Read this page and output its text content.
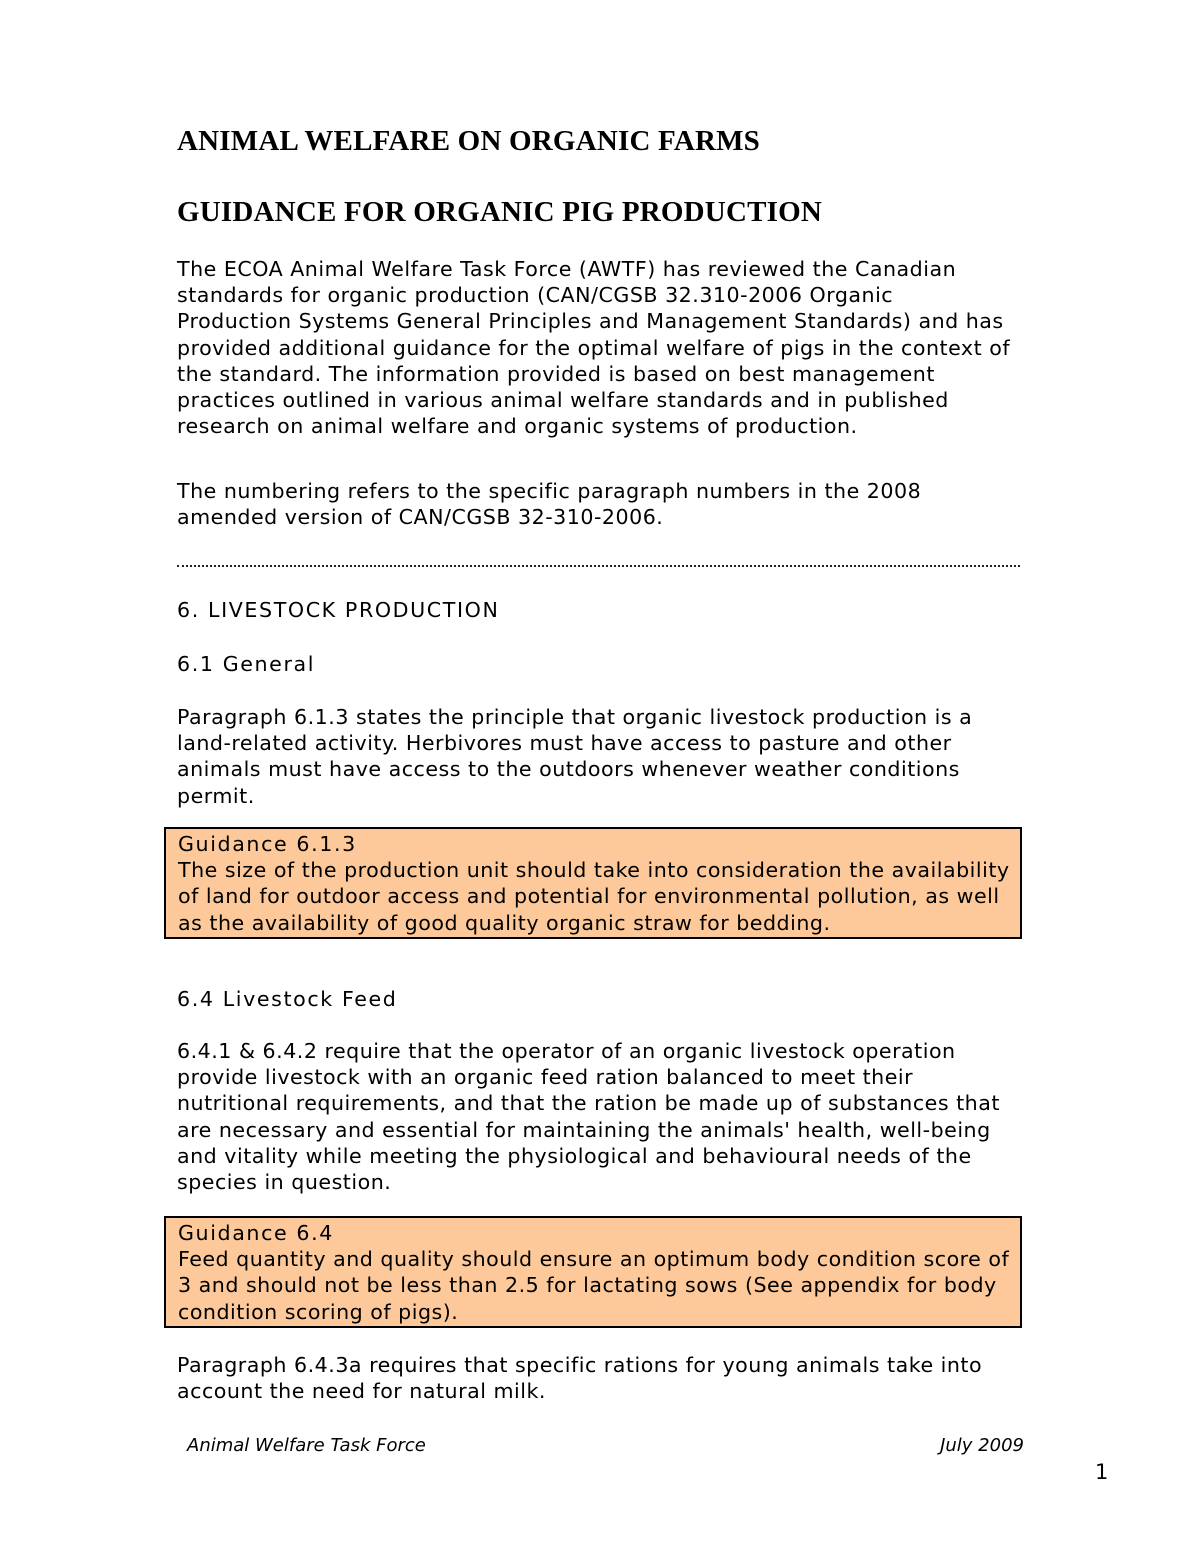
ANIMAL WELFARE ON ORGANIC FARMS
GUIDANCE FOR ORGANIC PIG PRODUCTION
The ECOA Animal Welfare Task Force (AWTF) has reviewed the Canadian
standards for organic production (CAN/CGSB 32.310-2006 Organic
Production Systems General Principles and Management Standards) and has
provided additional guidance for the optimal welfare of pigs in the context of
the standard. The information provided is based on best management
practices outlined in various animal welfare standards and in published
research on animal welfare and organic systems of production.
The numbering refers to the specific paragraph numbers in the 2008
amended version of CAN/CGSB 32-310-2006.

6. LIVESTOCK PRODUCTION

6.1 General

Paragraph 6.1.3 states the principle that organic livestock production is a
land-related activity. Herbivores must have access to pasture and other
animals must have access to the outdoors whenever weather conditions
permit.
Guidance 6.1.3
The size of the production unit should take into consideration the availability
of land for outdoor access and potential for environmental pollution, as well
as the availability of good quality organic straw for bedding.

6.4 Livestock Feed

6.4.1 & 6.4.2 require that the operator of an organic livestock operation
provide livestock with an organic feed ration balanced to meet their
nutritional requirements, and that the ration be made up of substances that
are necessary and essential for maintaining the animals' health, well-being
and vitality while meeting the physiological and behavioural needs of the
species in question.
Guidance 6.4
Feed quantity and quality should ensure an optimum body condition score of
3 and should not be less than 2.5 for lactating sows (See appendix for body
condition scoring of pigs).
Paragraph 6.4.3a requires that specific rations for young animals take into
account the need for natural milk.
Animal Welfare Task Force	July 2009
1
